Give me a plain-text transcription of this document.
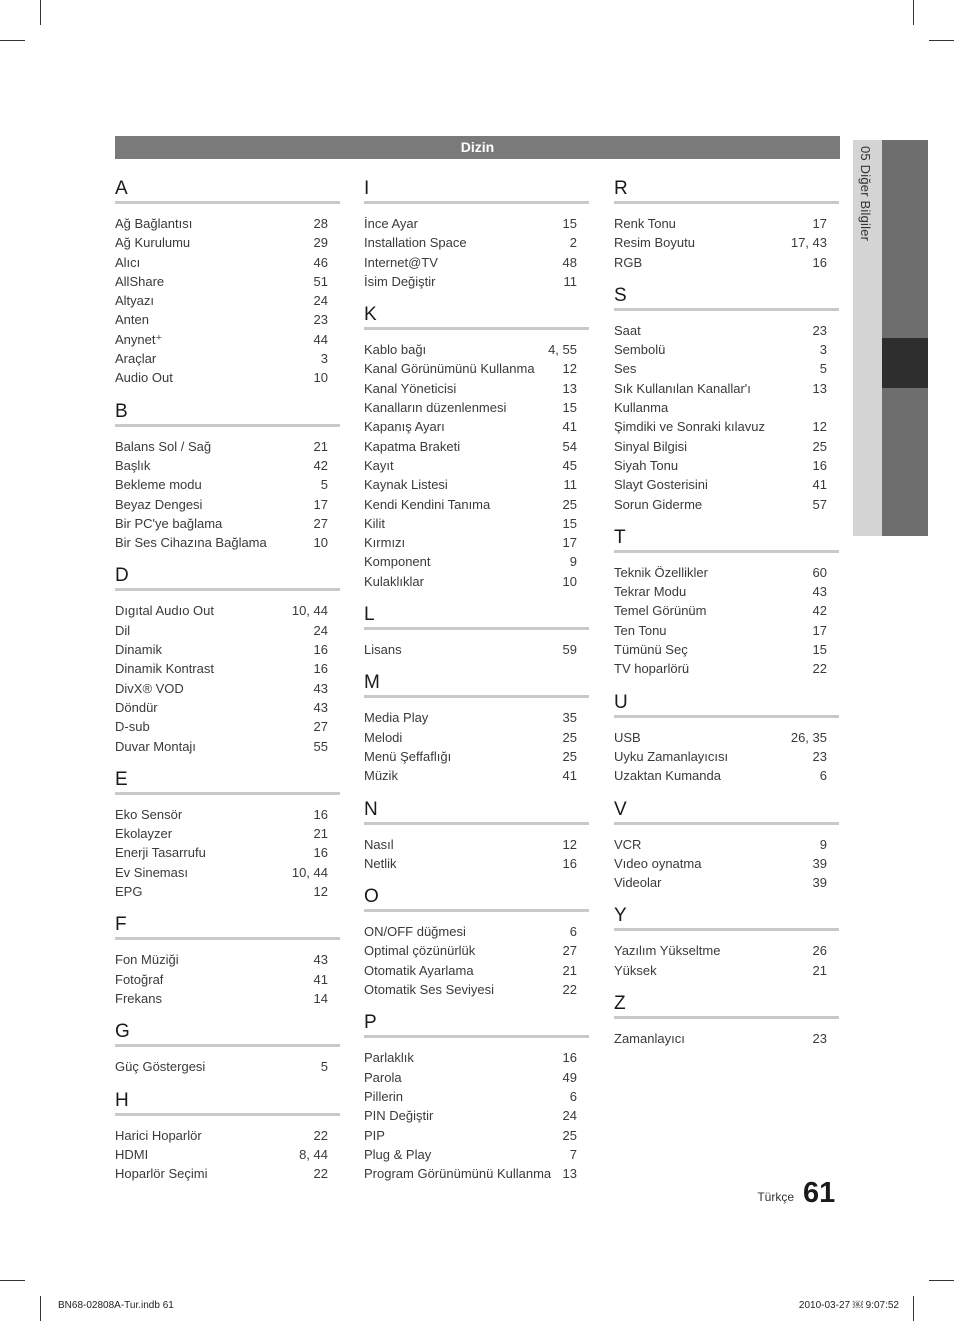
05 Diğer Bilgiler
Dizin
A
Ağ Bağlantısı	28
Ağ Kurulumu	29
Alıcı	46
AllShare	51
Altyazı	24
Anten	23
Anynet⁺	44
Araçlar	3
Audio Out	10
B
Balans Sol / Sağ	21
Başlık	42
Bekleme modu	5
Beyaz Dengesi	17
Bir PC'ye bağlama	27
Bir Ses Cihazına Bağlama	10
D
Dıgıtal Audıo Out	10, 44
Dil	24
Dinamik	16
Dinamik Kontrast	16
DivX® VOD	43
Döndür	43
D-sub	27
Duvar Montajı	55
E
Eko Sensör	16
Ekolayzer	21
Enerji Tasarrufu	16
Ev Sineması	10, 44
EPG	12
F
Fon Müziği	43
Fotoğraf	41
Frekans	14
G
Güç Göstergesi	5
H
Harici Hoparlör	22
HDMI	8, 44
Hoparlör Seçimi	22
I
İnce Ayar	15
Installation Space	2
Internet@TV	48
İsim Değiştir	11
K
Kablo bağı	4, 55
Kanal Görünümünü Kullanma 12
Kanal Yöneticisi	13
Kanalların düzenlenmesi	15
Kapanış Ayarı	41
Kapatma Braketi	54
Kayıt	45
Kaynak Listesi	11
Kendi Kendini Tanıma	25
Kilit	15
Kırmızı	17
Komponent	9
Kulaklıklar	10
L
Lisans	59
M
Media Play	35
Melodi	25
Menü Şeffaflığı	25
Müzik	41
N
Nasıl	12
Netlik	16
O
ON/OFF düğmesi	6
Optimal çözünürlük	27
Otomatik Ayarlama	21
Otomatik Ses Seviyesi	22
P
Parlaklık	16
Parola	49
Pillerin	6
PIN Değiştir	24
PIP	25
Plug & Play	7
Program Görünümünü Kullanma 13
R
Renk Tonu	17
Resim Boyutu	17, 43
RGB	16
S
Saat	23
Sembolü	3
Ses	5
Sık Kullanılan Kanallar'ı Kullanma
13
Şimdiki ve Sonraki kılavuz	12
Sinyal Bilgisi	25
Siyah Tonu	16
Slayt Gosterisini	41
Sorun Giderme	57
T
Teknik Özellikler	60
Tekrar Modu	43
Temel Görünüm	42
Ten Tonu	17
Tümünü Seç	15
TV hoparlörü	22
U
USB	26, 35
Uyku Zamanlayıcısı	23
Uzaktan Kumanda	6
V
VCR	9
Vıdeo oynatma	39
Videolar	39
Y
Yazılım Yükseltme	26
Yüksek	21
Z
Zamanlayıcı	23
Türkçe 61
BN68-02808A-Tur.indb 61	2010-03-27 ￼ 9:07:52
